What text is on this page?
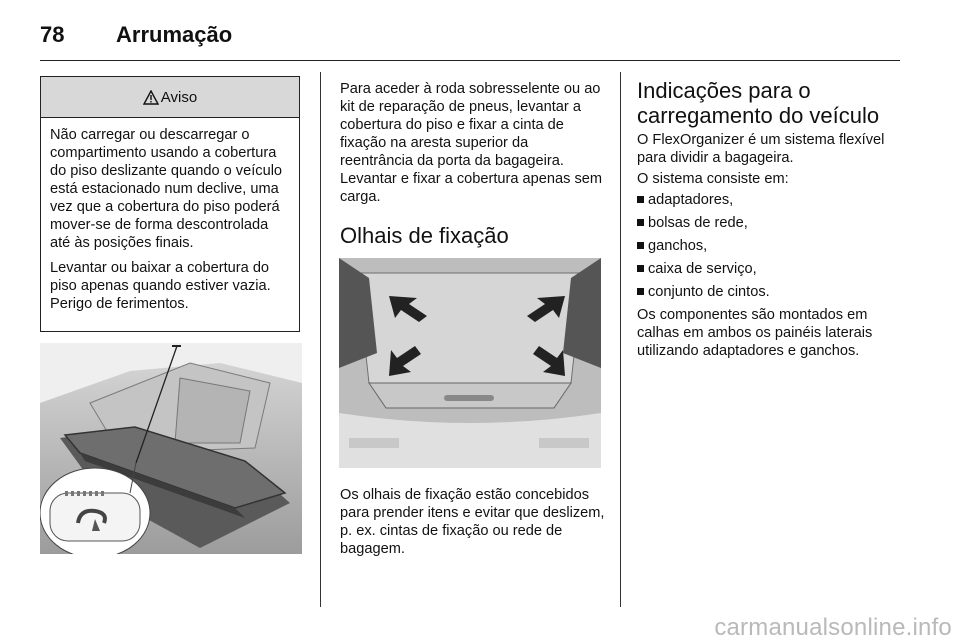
78 Arrumação
Aviso

Não carregar ou descarregar o compartimento usando a cobertura do piso deslizante quando o veículo está estacionado num declive, uma vez que a cobertura do piso poderá mover-se de forma descontrolada até às posições finais.

Levantar ou baixar a cobertura do piso apenas quando estiver vazia. Perigo de ferimentos.

Para aceder à roda sobresselente ou ao kit de reparação de pneus, levantar a cobertura do piso e fixar a cinta de fixação na aresta superior da reentrância da porta da bagageira. Levantar e fixar a cobertura apenas sem carga.

Olhais de fixação

Os olhais de fixação estão concebidos para prender itens e evitar que deslizem, p. ex. cintas de fixação ou rede de bagagem.

Indicações para o carregamento do veículo

O FlexOrganizer é um sistema flexível para dividir a bagageira.

O sistema consiste em:

adaptadores,
bolsas de rede,
ganchos,
caixa de serviço,
conjunto de cintos.

Os componentes são montados em calhas em ambos os painéis laterais utilizando adaptadores e ganchos.

carmanualsonline.info
